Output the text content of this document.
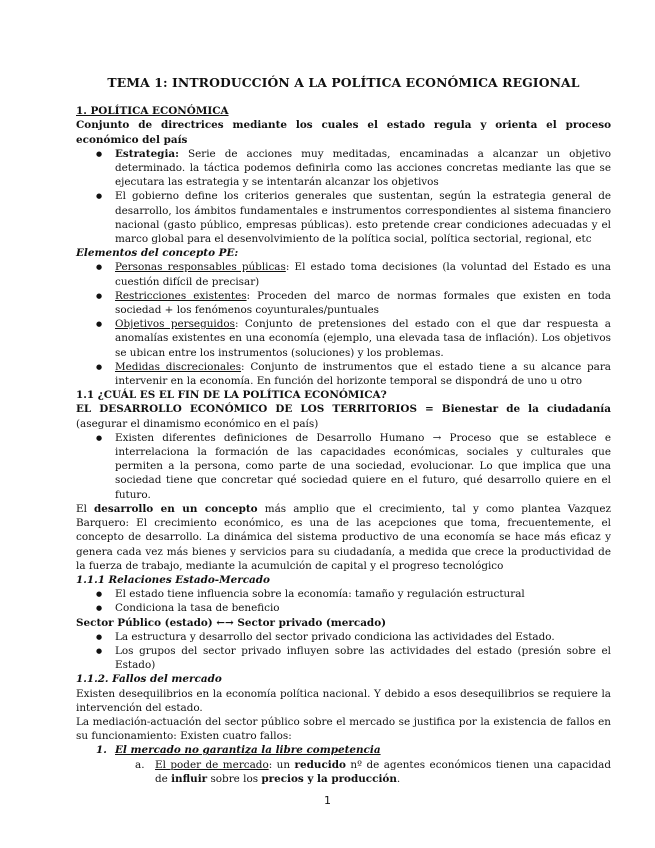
TEMA 1: INTRODUCCIÓN A LA POLÍTICA ECONÓMICA REGIONAL

1. POLÍTICA ECONÓMICA

Conjunto de directrices mediante los cuales el estado regula y orienta el proceso económico del país

● Estrategia: Serie de acciones muy meditadas, encaminadas a alcanzar un objetivo determinado. la táctica podemos definirla como las acciones concretas mediante las que se ejecutara las estrategia y se intentarán alcanzar los objetivos
● El gobierno define los criterios generales que sustentan, según la estrategia general de desarrollo, los ámbitos fundamentales e instrumentos correspondientes al sistema financiero nacional (gasto público, empresas públicas). esto pretende crear condiciones adecuadas y el marco global para el desenvolvimiento de la política social, política sectorial, regional, etc

Elementos del concepto PE:

● Personas responsables públicas: El estado toma decisiones (la voluntad del Estado es una cuestión difícil de precisar)
● Restricciones existentes: Proceden del marco de normas formales que existen en toda sociedad + los fenómenos coyunturales/puntuales
● Objetivos perseguidos: Conjunto de pretensiones del estado con el que dar respuesta a anomalías existentes en una economía (ejemplo, una elevada tasa de inflación). Los objetivos se ubican entre los instrumentos (soluciones) y los problemas.
● Medidas discrecionales: Conjunto de instrumentos que el estado tiene a su alcance para intervenir en la economía. En función del horizonte temporal se dispondrá de uno u otro

1.1 ¿CUÁL ES EL FIN DE LA POLÍTICA ECONÓMICA?

EL DESARROLLO ECONÓMICO DE LOS TERRITORIOS = Bienestar de la ciudadanía (asegurar el dinamismo económico en el país)

● Existen diferentes definiciones de Desarrollo Humano → Proceso que se establece e interrelaciona la formación de las capacidades económicas, sociales y culturales que permiten a la persona, como parte de una sociedad, evolucionar. Lo que implica que una sociedad tiene que concretar qué sociedad quiere en el futuro, qué desarrollo quiere en el futuro.

El desarrollo en un concepto más amplio que el crecimiento, tal y como plantea Vazquez Barquero: El crecimiento económico, es una de las acepciones que toma, frecuentemente, el concepto de desarrollo. La dinámica del sistema productivo de una economía se hace más eficaz y genera cada vez más bienes y servicios para su ciudadanía, a medida que crece la productividad de la fuerza de trabajo, mediante la acumulción de capital y el progreso tecnológico

1.1.1 Relaciones Estado-Mercado

● El estado tiene influencia sobre la economía: tamaño y regulación estructural
● Condiciona la tasa de beneficio

Sector Público (estado) ←→ Sector privado (mercado)

● La estructura y desarrollo del sector privado condiciona las actividades del Estado.
● Los grupos del sector privado influyen sobre las actividades del estado (presión sobre el Estado)

1.1.2. Fallos del mercado

Existen desequilibrios en la economía política nacional. Y debido a esos desequilibrios se requiere la intervención del estado.

La mediación-actuación del sector público sobre el mercado se justifica por la existencia de fallos en su funcionamiento: Existen cuatro fallos:

1. El mercado no garantiza la libre competencia
a. El poder de mercado: un reducido nº de agentes económicos tienen una capacidad de influir sobre los precios y la producción.
1
